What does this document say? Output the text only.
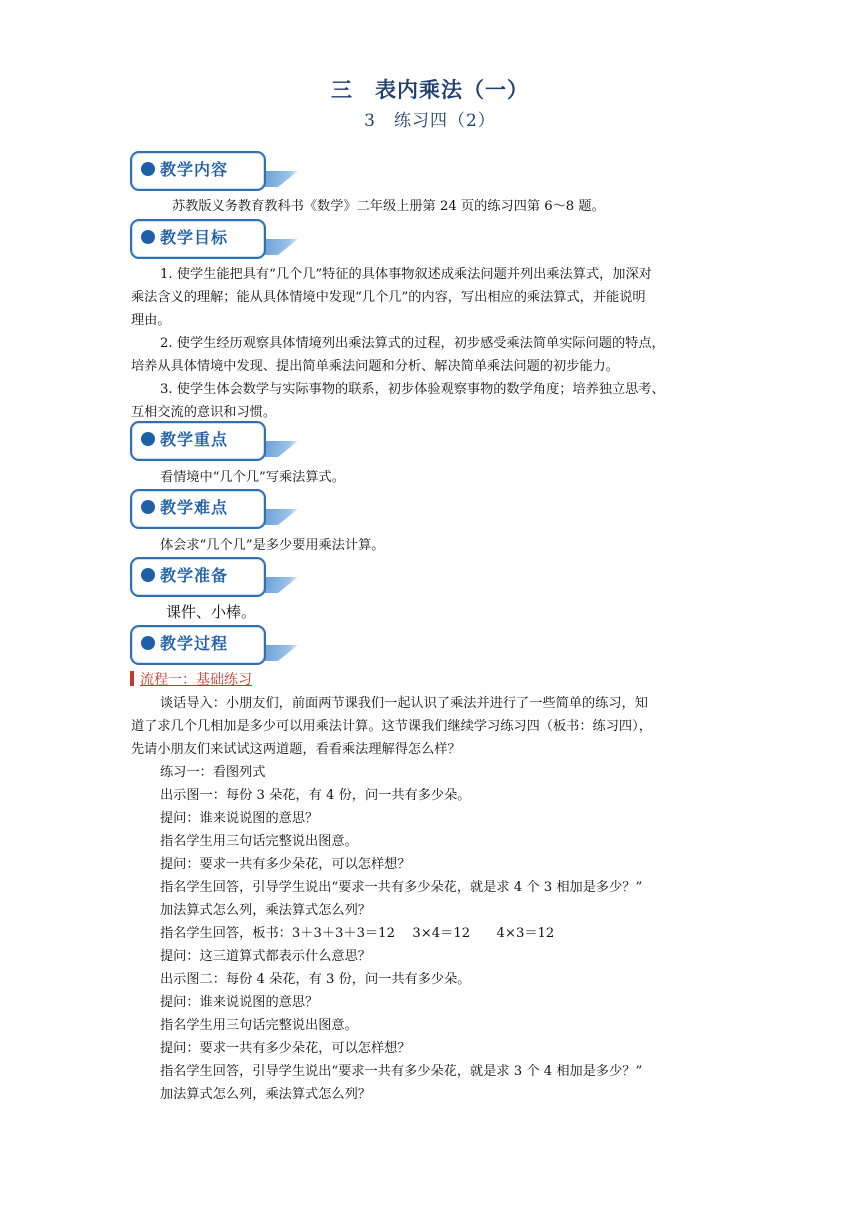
三　表内乘法（一）
3　练习四（2）
教学内容
苏教版义务教育教科书《数学》二年级上册第 24 页的练习四第 6～8 题。
教学目标
1. 使学生能把具有“几个几”特征的具体事物叙述成乘法问题并列出乘法算式，加深对
乘法含义的理解；能从具体情境中发现“几个几”的内容，写出相应的乘法算式，并能说明
理由。
2. 使学生经历观察具体情境列出乘法算式的过程，初步感受乘法简单实际问题的特点，
培养从具体情境中发现、提出简单乘法问题和分析、解决简单乘法问题的初步能力。
3. 使学生体会数学与实际事物的联系，初步体验观察事物的数学角度；培养独立思考、
互相交流的意识和习惯。
教学重点
看情境中“几个几”写乘法算式。
教学难点
体会求“几个几”是多少要用乘法计算。
教学准备
课件、小棒。
教学过程
流程一：基础练习
谈话导入：小朋友们，前面两节课我们一起认识了乘法并进行了一些简单的练习，知
道了求几个几相加是多少可以用乘法计算。这节课我们继续学习练习四（板书：练习四），
先请小朋友们来试试这两道题，看看乘法理解得怎么样？
练习一：看图列式
出示图一：每份 3 朵花，有 4 份，问一共有多少朵。
提问：谁来说说图的意思？
指名学生用三句话完整说出图意。
提问：要求一共有多少朵花，可以怎样想？
指名学生回答，引导学生说出“要求一共有多少朵花，就是求 4 个 3 相加是多少？”
加法算式怎么列，乘法算式怎么列？
指名学生回答，板书：3＋3＋3＋3＝12　 3×4＝12　　4×3＝12
提问：这三道算式都表示什么意思？
出示图二：每份 4 朵花，有 3 份，问一共有多少朵。
提问：谁来说说图的意思？
指名学生用三句话完整说出图意。
提问：要求一共有多少朵花，可以怎样想？
指名学生回答，引导学生说出“要求一共有多少朵花，就是求 3 个 4 相加是多少？”
加法算式怎么列，乘法算式怎么列？
